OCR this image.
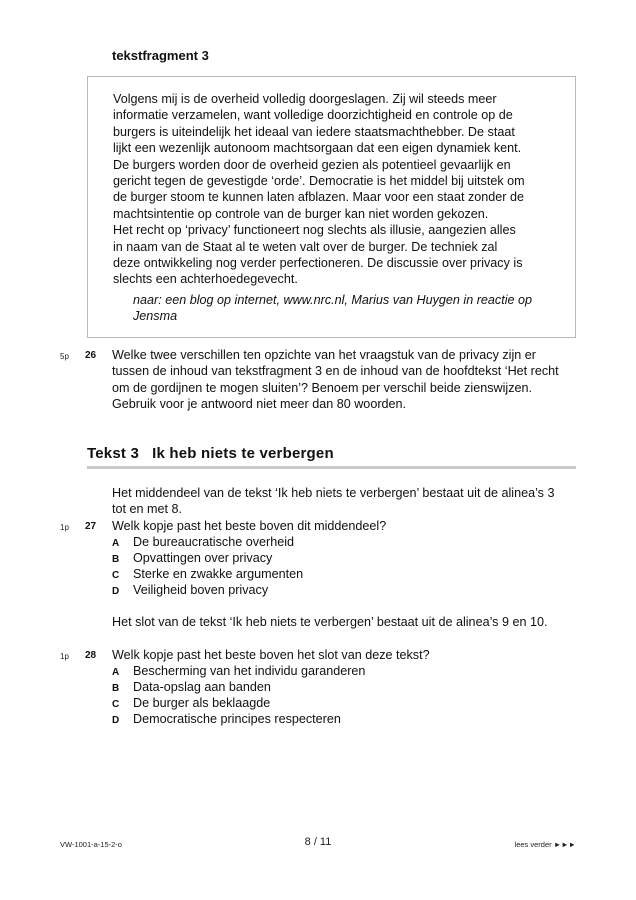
tekstfragment 3
Volgens mij is de overheid volledig doorgeslagen. Zij wil steeds meer
informatie verzamelen, want volledige doorzichtigheid en controle op de
burgers is uiteindelijk het ideaal van iedere staatsmachthebber. De staat
lijkt een wezenlijk autonoom machtsorgaan dat een eigen dynamiek kent.
De burgers worden door de overheid gezien als potentieel gevaarlijk en
gericht tegen de gevestigde ‘orde’. Democratie is het middel bij uitstek om
de burger stoom te kunnen laten afblazen. Maar voor een staat zonder de
machtsintentie op controle van de burger kan niet worden gekozen.
Het recht op ‘privacy’ functioneert nog slechts als illusie, aangezien alles
in naam van de Staat al te weten valt over de burger. De techniek zal
deze ontwikkeling nog verder perfectioneren. De discussie over privacy is
slechts een achterhoedegevecht.
naar: een blog op internet, www.nrc.nl, Marius van Huygen in reactie op Jensma
5p 26 Welke twee verschillen ten opzichte van het vraagstuk van de privacy zijn er tussen de inhoud van tekstfragment 3 en de inhoud van de hoofdtekst ‘Het recht om de gordijnen te mogen sluiten’? Benoem per verschil beide zienswijzen. Gebruik voor je antwoord niet meer dan 80 woorden.
Tekst 3   Ik heb niets te verbergen
Het middendeel van de tekst ‘Ik heb niets te verbergen’ bestaat uit de alinea’s 3 tot en met 8.
1p 27 Welk kopje past het beste boven dit middendeel?
A De bureaucratische overheid
B Opvattingen over privacy
C Sterke en zwakke argumenten
D Veiligheid boven privacy
Het slot van de tekst ‘Ik heb niets te verbergen’ bestaat uit de alinea’s 9 en 10.
1p 28 Welk kopje past het beste boven het slot van deze tekst?
A Bescherming van het individu garanderen
B Data-opslag aan banden
C De burger als beklaagde
D Democratische principes respecteren
VW-1001-a-15-2-o	8 / 11	lees verder ►►►
